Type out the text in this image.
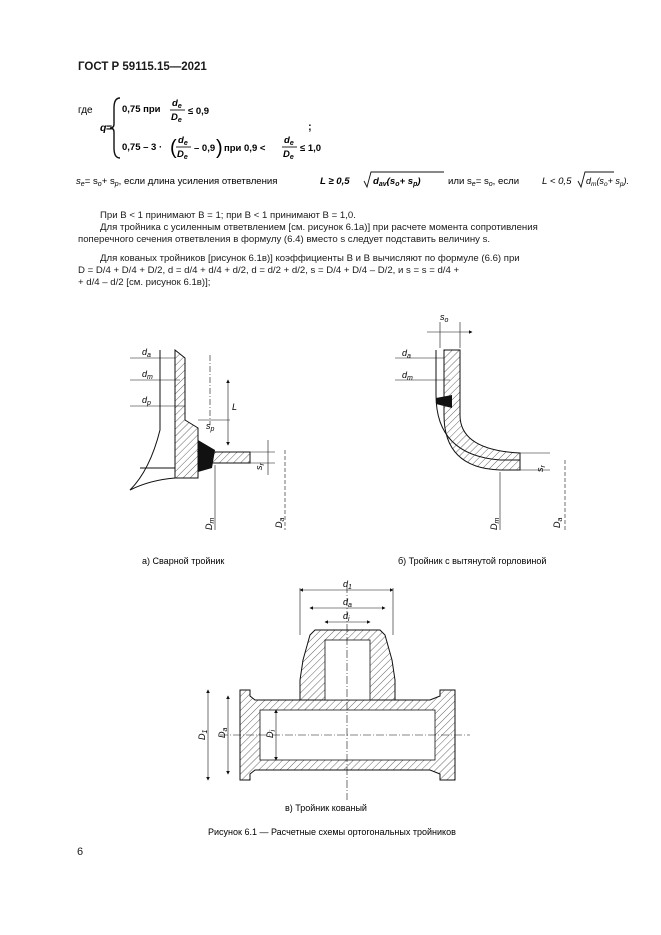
ГОСТ Р 59115.15—2021
где
q =
0,75 при
$d_e$
$D_e$
≤ 0,9
0,75 – 3 · ( $d_e$
$D_e$
– 0,9 ) при 0,9 <
$d_e$
$D_e$
≤ 1,0
;
$s_e= s_o+ s_p$, если длина усиления ответвления	L ≥ 0,5 $d_{av}(s_o+ s_p)$	или $s_e= s_o$, если L < 0,5 $d_m(s_o+ s_p)$.
При B < 1 принимают B = 1; при B < 1 принимают B = 1,0.
Для тройника с усиленным ответвлением [см. рисунок 6.1а)] при расчете момента сопротивления
поперечного сечения ответвления в формулу (6.4) вместо s следует подставить величину s.
Для кованых тройников [рисунок 6.1в)] коэффициенты B и B вычисляют по формуле (6.6) при
D = D/4 + D/4 + D/2, d = d/4 + d/4 + d/2, d = d/2 + d/2, s = D/4 + D/4 – D/2, и s = s = d/4 +
+ d/4 – d/2 [см. рисунок 6.1в)];
$d_a$
$d_m$
$d_p$	L
$s_p$
$s_r$
$D_m$
$D_a$
$s_o$
$d_a$
$d_m$
$s_r$
$D_m$
$D_a$
а) Сварной тройник	б) Тройник с вытянутой горловиной
$d_1$
$d_a$
$d_i$
$D_1$ $D_a$
$D_i$
в) Тройник кованый
Рисунок 6.1 — Расчетные схемы ортогональных тройников
6
